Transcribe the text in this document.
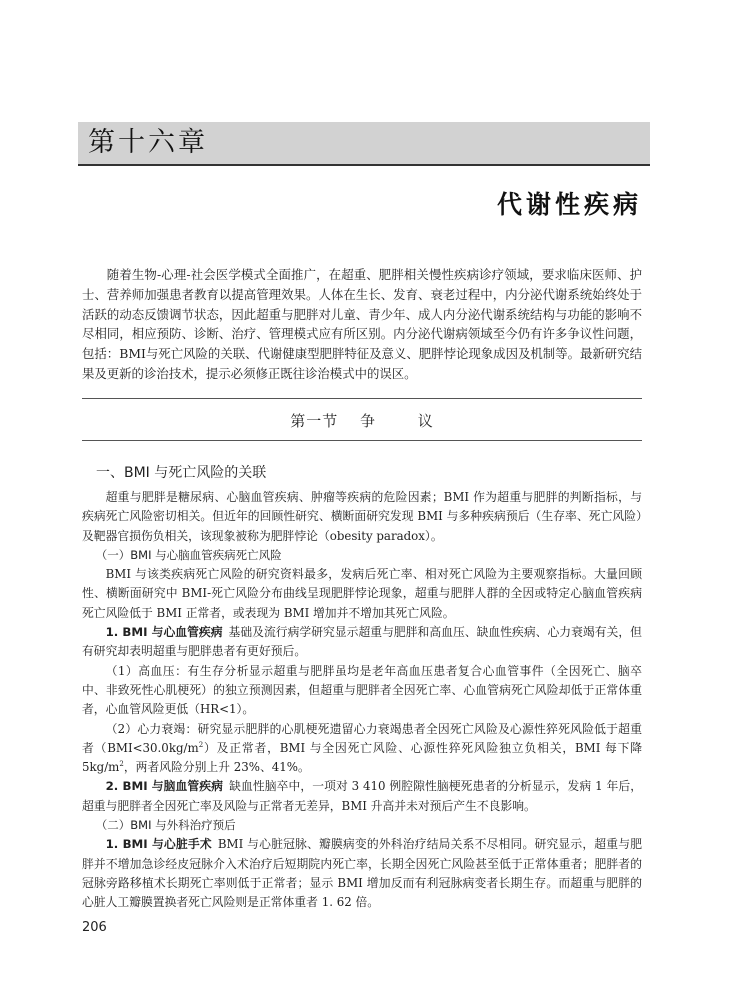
第十六章
代谢性疾病

随着生物-心理-社会医学模式全面推广，在超重、肥胖相关慢性疾病诊疗领域，要求临床医师、护士、营养师加强患者教育以提高管理效果。人体在生长、发育、衰老过程中，内分泌代谢系统始终处于活跃的动态反馈调节状态，因此超重与肥胖对儿童、青少年、成人内分泌代谢系统结构与功能的影响不尽相同，相应预防、诊断、治疗、管理模式应有所区别。内分泌代谢病领域至今仍有许多争议性问题，包括：BMI与死亡风险的关联、代谢健康型肥胖特征及意义、肥胖悖论现象成因及机制等。最新研究结果及更新的诊治技术，提示必须修正既往诊治模式中的误区。

第一节 争	议
一、BMI 与死亡风险的关联

超重与肥胖是糖尿病、心脑血管疾病、肿瘤等疾病的危险因素；BMI 作为超重与肥胖的判断指标，与疾病死亡风险密切相关。但近年的回顾性研究、横断面研究发现 BMI 与多种疾病预后（生存率、死亡风险）及靶器官损伤负相关，该现象被称为肥胖悖论（obesity paradox）。

（一）BMI 与心脑血管疾病死亡风险

BMI 与该类疾病死亡风险的研究资料最多，发病后死亡率、相对死亡风险为主要观察指标。大量回顾性、横断面研究中 BMI-死亡风险分布曲线呈现肥胖悖论现象，超重与肥胖人群的全因或特定心脑血管疾病死亡风险低于 BMI 正常者，或表现为 BMI 增加并不增加其死亡风险。

1. BMI 与心血管疾病 基础及流行病学研究显示超重与肥胖和高血压、缺血性疾病、心力衰竭有关，但有研究却表明超重与肥胖患者有更好预后。

（1）高血压：有生存分析显示超重与肥胖虽均是老年高血压患者复合心血管事件（全因死亡、脑卒中、非致死性心肌梗死）的独立预测因素，但超重与肥胖者全因死亡率、心血管病死亡风险却低于正常体重者，心血管风险更低（HR<1）。

（2）心力衰竭：研究显示肥胖的心肌梗死遗留心力衰竭患者全因死亡风险及心源性猝死风险低于超重者$(BMI<30.0kg/m^2)$及正常者，BMI 与全因死亡风险、心源性猝死风险独立负相关，BMI 每下降 $5kg/m^2$，两者风险分别上升 23%、41%。

2. BMI 与脑血管疾病 缺血性脑卒中，一项对 3 410 例腔隙性脑梗死患者的分析显示，发病 1 年后，超重与肥胖者全因死亡率及风险与正常者无差异，BMI 升高并未对预后产生不良影响。

（二）BMI 与外科治疗预后

1. BMI 与心脏手术 BMI 与心脏冠脉、瓣膜病变的外科治疗结局关系不尽相同。研究显示，超重与肥胖并不增加急诊经皮冠脉介入术治疗后短期院内死亡率，长期全因死亡风险甚至低于正常体重者；肥胖者的冠脉旁路移植术长期死亡率则低于正常者；显示 BMI 增加反而有利冠脉病变者长期生存。而超重与肥胖的心脏人工瓣膜置换者死亡风险则是正常体重者 1. 62 倍。

206
